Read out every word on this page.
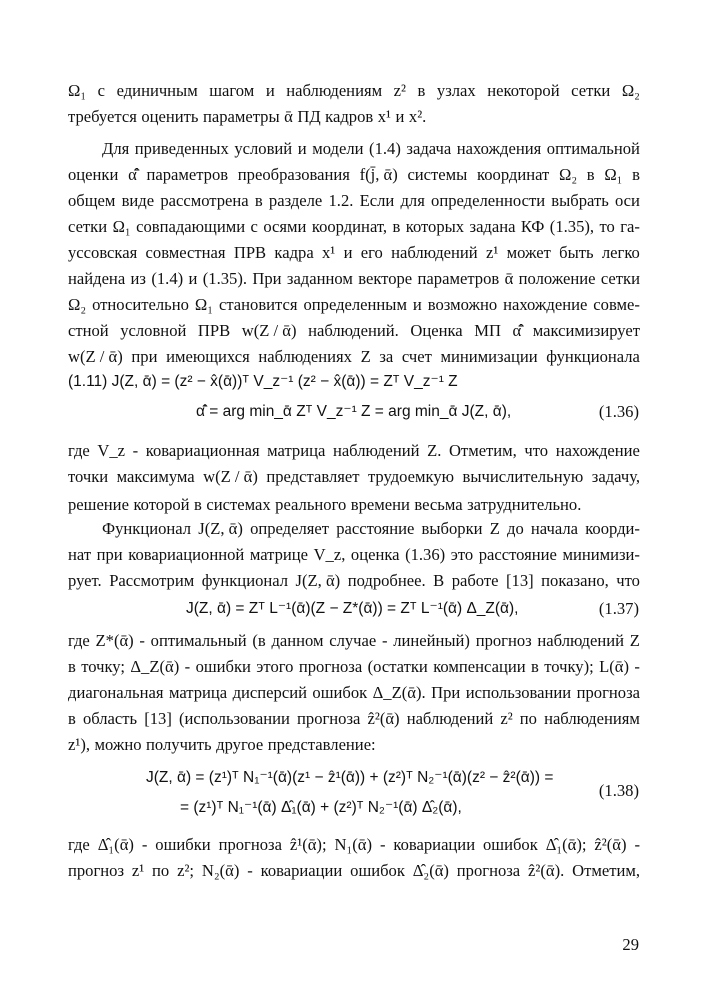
Ω₁ с единичным шагом и наблюдениям z² в узлах некоторой сетки Ω₂
требуется оценить параметры ᾱ ПД кадров x¹ и x².
Для приведенных условий и модели (1.4) задача нахождения оптимальной
оценки α̂̄ параметров преобразования f(j̄, ᾱ) системы координат Ω₂ в Ω₁ в
общем виде рассмотрена в разделе 1.2. Если для определенности выбрать оси
сетки Ω₁ совпадающими с осями координат, в которых задана КФ (1.35), то га-
уссовская совместная ПРВ кадра x¹ и его наблюдений z¹ может быть легко
найдена из (1.4) и (1.35). При заданном векторе параметров ᾱ положение сетки
Ω₂ относительно Ω₁ становится определенным и возможно нахождение совме-
стной условной ПРВ w(Z / ᾱ) наблюдений. Оценка МП α̂̄ максимизирует
w(Z / ᾱ) при имеющихся наблюдениях Z за счет минимизации функционала
(1.11) J(Z, ᾱ) = (z² − x̂(ᾱ))ᵀ V_z⁻¹ (z² − x̂(ᾱ)) = Zᵀ V_z⁻¹ Z
α̂̄ = arg min_ᾱ Zᵀ V_z⁻¹ Z = arg min_ᾱ J(Z, ᾱ),	(1.36)
где V_z - ковариационная матрица наблюдений Z. Отметим, что нахождение
точки максимума w(Z / ᾱ) представляет трудоемкую вычислительную задачу,
решение которой в системах реального времени весьма затруднительно.
Функционал J(Z, ᾱ) определяет расстояние выборки Z до начала коорди-
нат при ковариационной матрице V_z, оценка (1.36) это расстояние минимизи-
рует. Рассмотрим функционал J(Z, ᾱ) подробнее. В работе [13] показано, что
J(Z, ᾱ) = Zᵀ L⁻¹(ᾱ)(Z − Z*(ᾱ)) = Zᵀ L⁻¹(ᾱ) Δ_Z(ᾱ),	(1.37)
где Z*(ᾱ) - оптимальный (в данном случае - линейный) прогноз наблюдений Z
в точку; Δ_Z(ᾱ) - ошибки этого прогноза (остатки компенсации в точку); L(ᾱ) -
диагональная матрица дисперсий ошибок Δ_Z(ᾱ). При использовании прогноза
в область [13] (использовании прогноза ẑ²(ᾱ) наблюдений z² по наблюдениям
z¹), можно получить другое представление:
J(Z, ᾱ) = (z¹)ᵀ N₁⁻¹(ᾱ)(z¹ − ẑ¹(ᾱ)) + (z²)ᵀ N₂⁻¹(ᾱ)(z² − ẑ²(ᾱ)) =
= (z¹)ᵀ N₁⁻¹(ᾱ) Δ̂₁(ᾱ) + (z²)ᵀ N₂⁻¹(ᾱ) Δ̂₂(ᾱ),
(1.38)
где Δ̂₁(ᾱ) - ошибки прогноза ẑ¹(ᾱ); N₁(ᾱ) - ковариации ошибок Δ̂₁(ᾱ); ẑ²(ᾱ) -
прогноз z¹ по z²; N₂(ᾱ) - ковариации ошибок Δ̂₂(ᾱ) прогноза ẑ²(ᾱ). Отметим,
29
